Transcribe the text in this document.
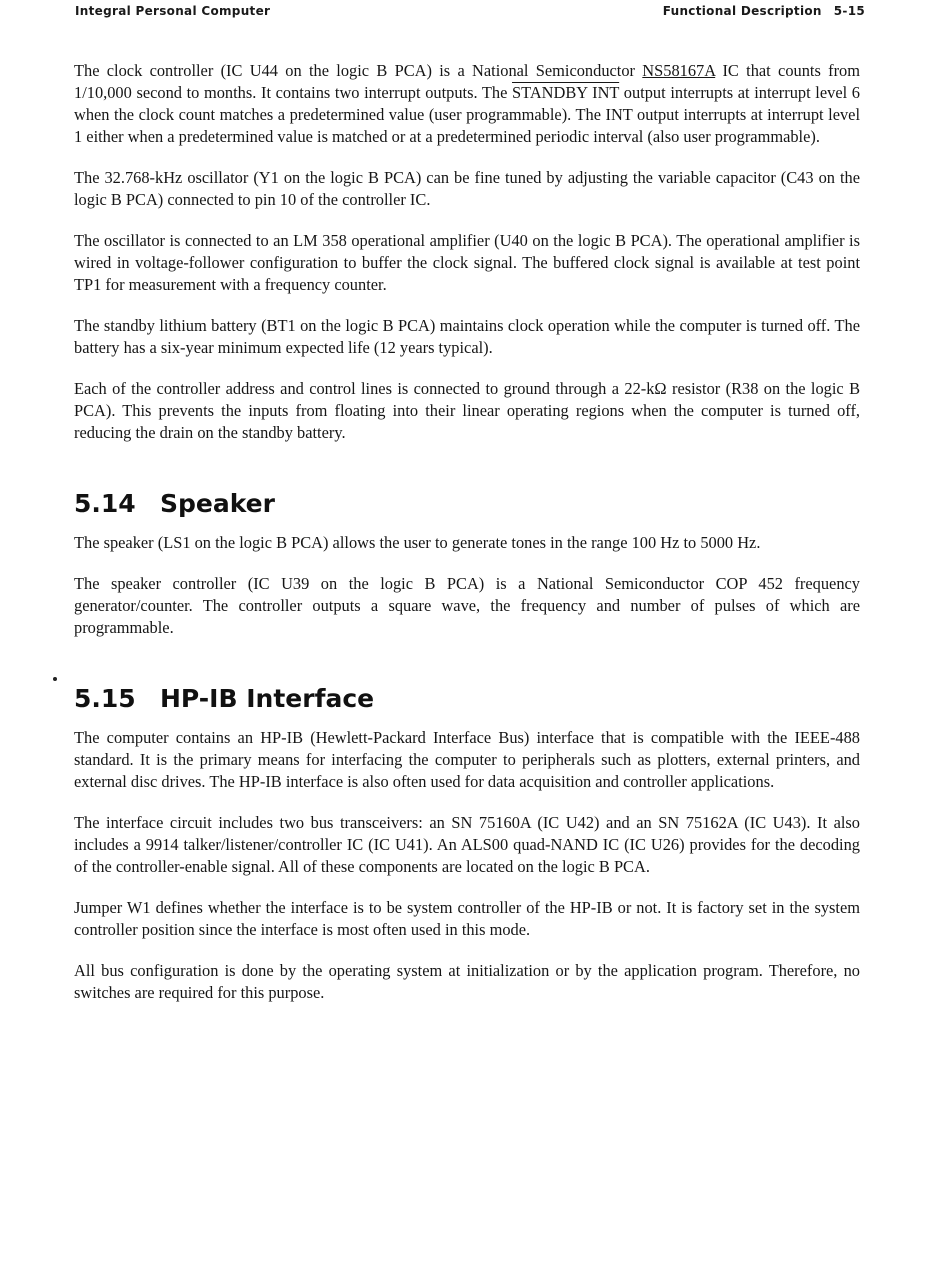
Integral Personal Computer	Functional Description 5-15

The clock controller (IC U44 on the logic B PCA) is a National Semiconductor NS58167A IC that counts from 1/10,000 second to months. It contains two interrupt outputs. The STANDBY INT output interrupts at interrupt level 6 when the clock count matches a predetermined value (user programmable). The INT output interrupts at interrupt level 1 either when a predetermined value is matched or at a predetermined periodic interval (also user programmable).

The 32.768-kHz oscillator (Y1 on the logic B PCA) can be fine tuned by adjusting the variable capacitor (C43 on the logic B PCA) connected to pin 10 of the controller IC.

The oscillator is connected to an LM 358 operational amplifier (U40 on the logic B PCA). The operational amplifier is wired in voltage-follower configuration to buffer the clock signal. The buffered clock signal is available at test point TP1 for measurement with a frequency counter.

The standby lithium battery (BT1 on the logic B PCA) maintains clock operation while the computer is turned off. The battery has a six-year minimum expected life (12 years typical).

Each of the controller address and control lines is connected to ground through a 22-kΩ resistor (R38 on the logic B PCA). This prevents the inputs from floating into their linear operating regions when the computer is turned off, reducing the drain on the standby battery.

5.14 Speaker

The speaker (LS1 on the logic B PCA) allows the user to generate tones in the range 100 Hz to 5000 Hz.

The speaker controller (IC U39 on the logic B PCA) is a National Semiconductor COP 452 frequency generator/counter. The controller outputs a square wave, the frequency and number of pulses of which are programmable.

5.15 HP-IB Interface

The computer contains an HP-IB (Hewlett-Packard Interface Bus) interface that is compatible with the IEEE-488 standard. It is the primary means for interfacing the computer to peripherals such as plotters, external printers, and external disc drives. The HP-IB interface is also often used for data acquisition and controller applications.

The interface circuit includes two bus transceivers: an SN 75160A (IC U42) and an SN 75162A (IC U43). It also includes a 9914 talker/listener/controller IC (IC U41). An ALS00 quad-NAND IC (IC U26) provides for the decoding of the controller-enable signal. All of these components are located on the logic B PCA.

Jumper W1 defines whether the interface is to be system controller of the HP-IB or not. It is factory set in the system controller position since the interface is most often used in this mode.

All bus configuration is done by the operating system at initialization or by the application program. Therefore, no switches are required for this purpose.
